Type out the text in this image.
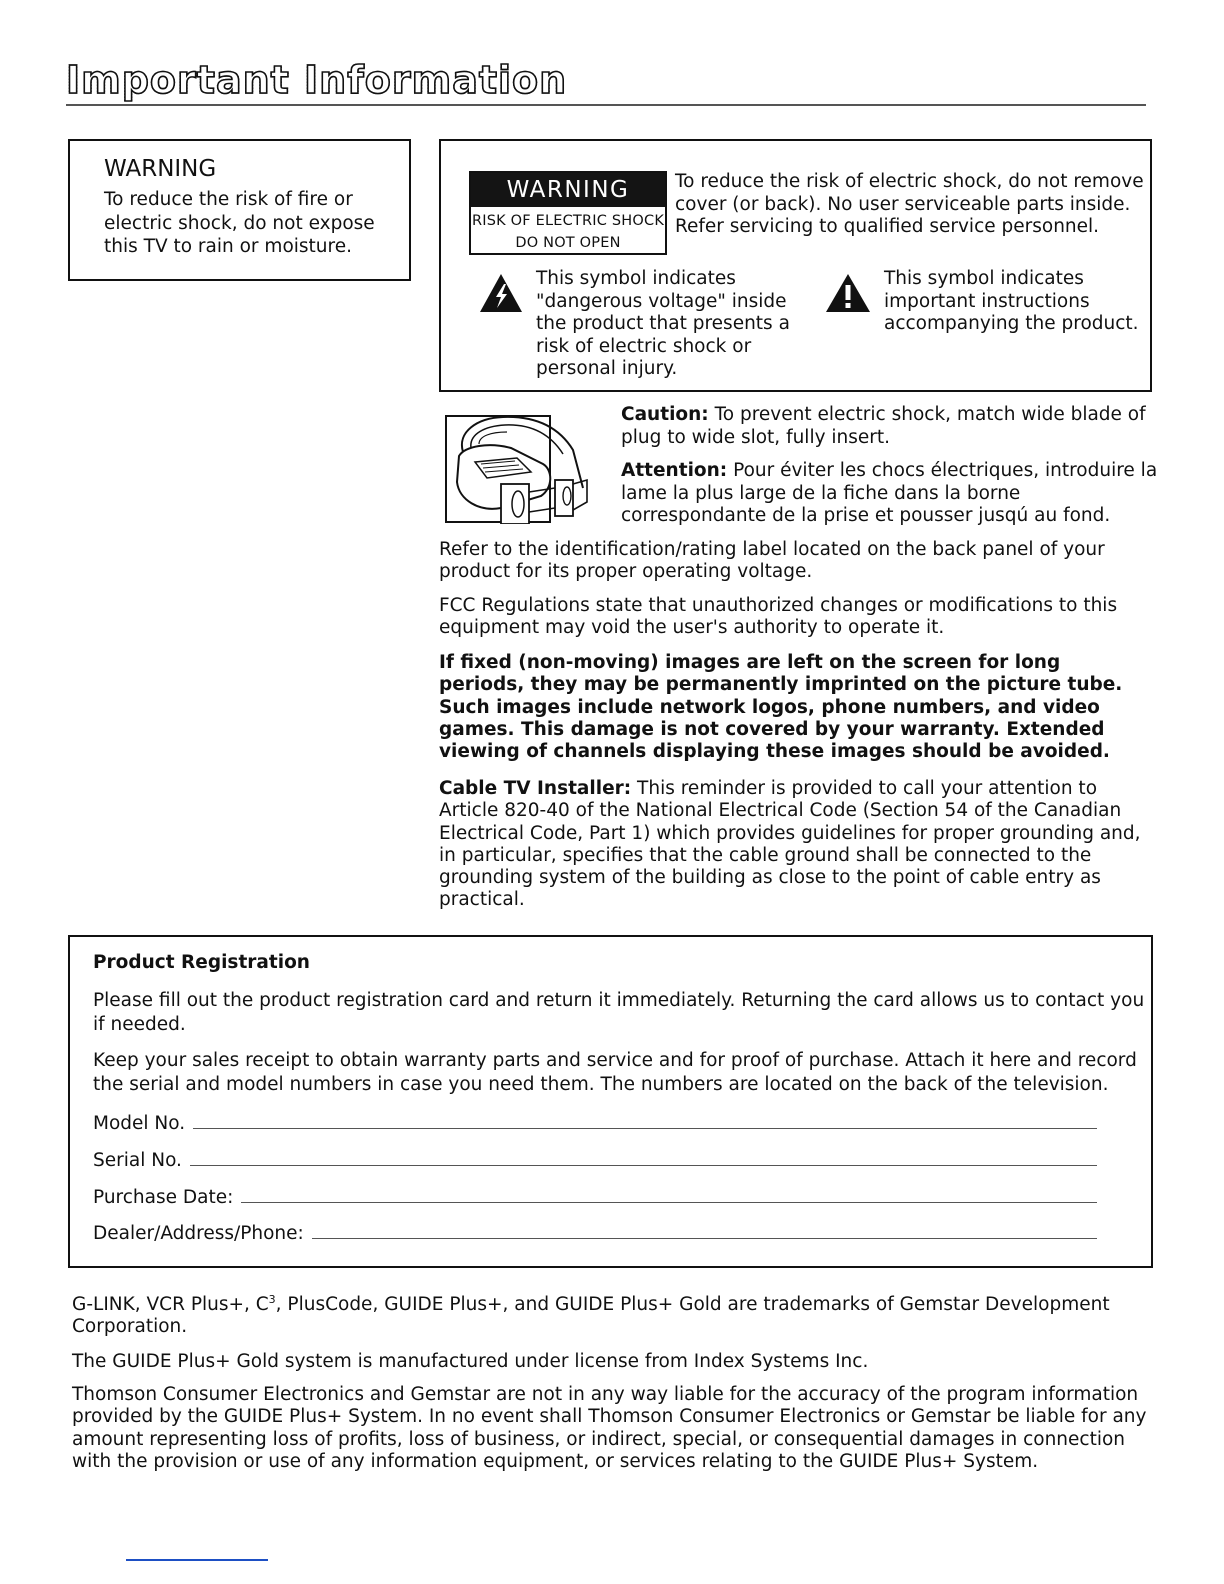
Important Information
WARNING

To reduce the risk of fire or electric shock, do not expose this TV to rain or moisture.

WARNING
RISK OF ELECTRIC SHOCK
DO NOT OPEN

To reduce the risk of electric shock, do not remove cover (or back). No user serviceable parts inside. Refer servicing to qualified service personnel.

This symbol indicates "dangerous voltage" inside the product that presents a risk of electric shock or personal injury.

This symbol indicates important instructions accompanying the product.

Caution: To prevent electric shock, match wide blade of plug to wide slot, fully insert.

Attention: Pour éviter les chocs électriques, introduire la lame la plus large de la fiche dans la borne correspondante de la prise et pousser jusqú au fond.

Refer to the identification/rating label located on the back panel of your product for its proper operating voltage.

FCC Regulations state that unauthorized changes or modifications to this equipment may void the user's authority to operate it.

If fixed (non-moving) images are left on the screen for long periods, they may be permanently imprinted on the picture tube. Such images include network logos, phone numbers, and video games. This damage is not covered by your warranty. Extended viewing of channels displaying these images should be avoided.

Cable TV Installer: This reminder is provided to call your attention to Article 820-40 of the National Electrical Code (Section 54 of the Canadian Electrical Code, Part 1) which provides guidelines for proper grounding and, in particular, specifies that the cable ground shall be connected to the grounding system of the building as close to the point of cable entry as practical.

Product Registration

Please fill out the product registration card and return it immediately. Returning the card allows us to contact you if needed.

Keep your sales receipt to obtain warranty parts and service and for proof of purchase. Attach it here and record the serial and model numbers in case you need them. The numbers are located on the back of the television.

Model No.
Serial No.
Purchase Date:
Dealer/Address/Phone:

G-LINK, VCR Plus+, $C^3$, PlusCode, GUIDE Plus+, and GUIDE Plus+ Gold are trademarks of Gemstar Development Corporation.

The GUIDE Plus+ Gold system is manufactured under license from Index Systems Inc.

Thomson Consumer Electronics and Gemstar are not in any way liable for the accuracy of the program information provided by the GUIDE Plus+ System. In no event shall Thomson Consumer Electronics or Gemstar be liable for any amount representing loss of profits, loss of business, or indirect, special, or consequential damages in connection with the provision or use of any information equipment, or services relating to the GUIDE Plus+ System.
